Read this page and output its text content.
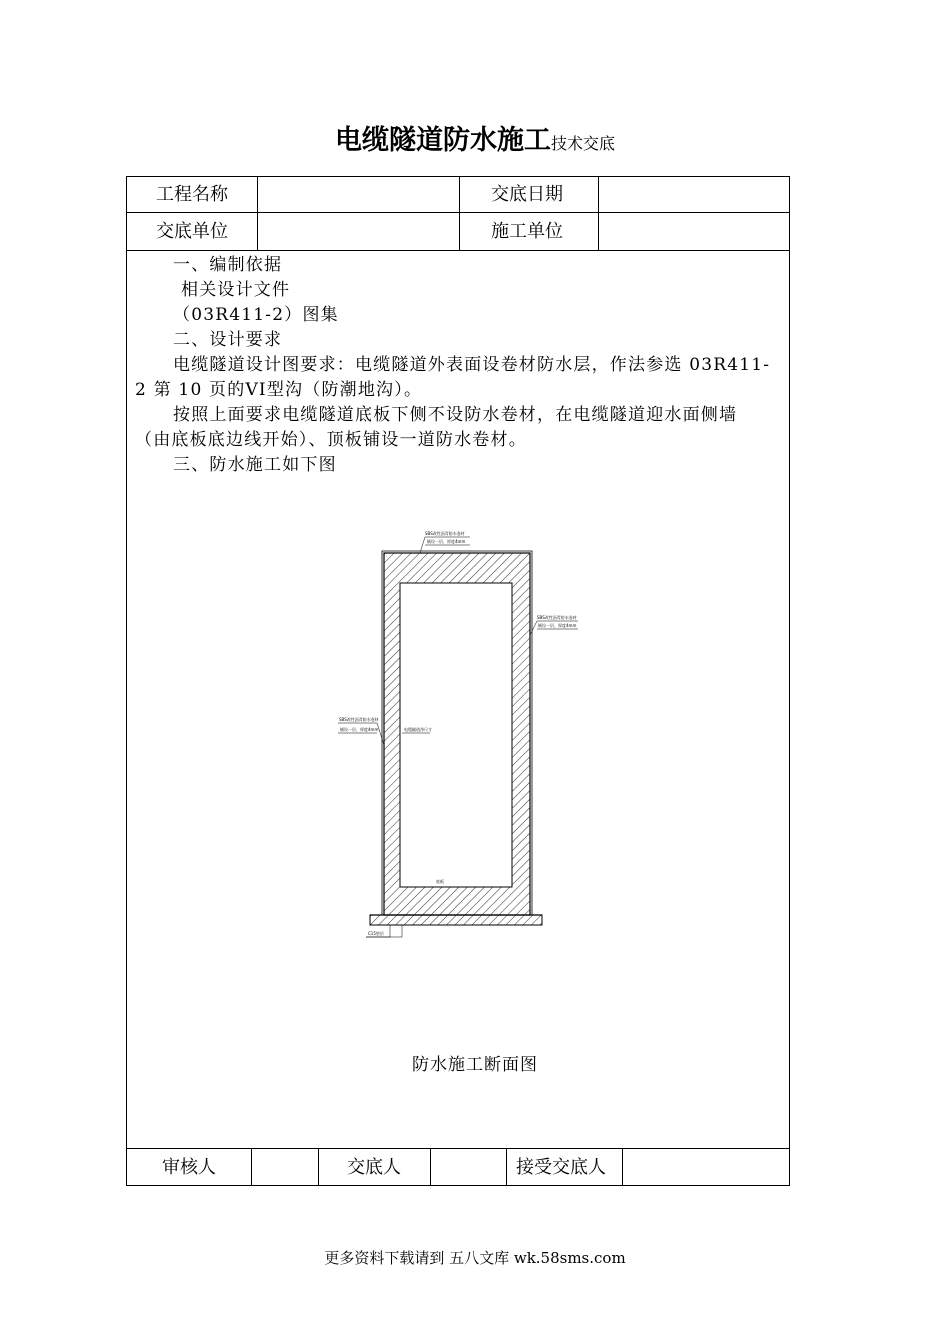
电缆隧道防水施工技术交底
工程名称	交底日期
交底单位	施工单位

一、编制依据

相关设计文件

（03R411-2）图集

二、设计要求

电缆隧道设计图要求：电缆隧道外表面设卷材防水层，作法参选 03R411-

2 第 10 页的VI型沟（防潮地沟）。

按照上面要求电缆隧道底板下侧不设防水卷材，在电缆隧道迎水面侧墙

（由底板底边线开始）、顶板铺设一道防水卷材。

三、防水施工如下图

SBS改性沥青防水卷材
铺设一层，厚度4mm
SBS改性沥青防水卷材
铺设一层，厚度4mm
SBS改性沥青防水卷材
铺设一层，厚度4mm	电缆隧道净尺寸
底板
C15垫层
防水施工断面图
审核人	交底人	接受交底人
更多资料下载请到 五八文库 wk.58sms.com
